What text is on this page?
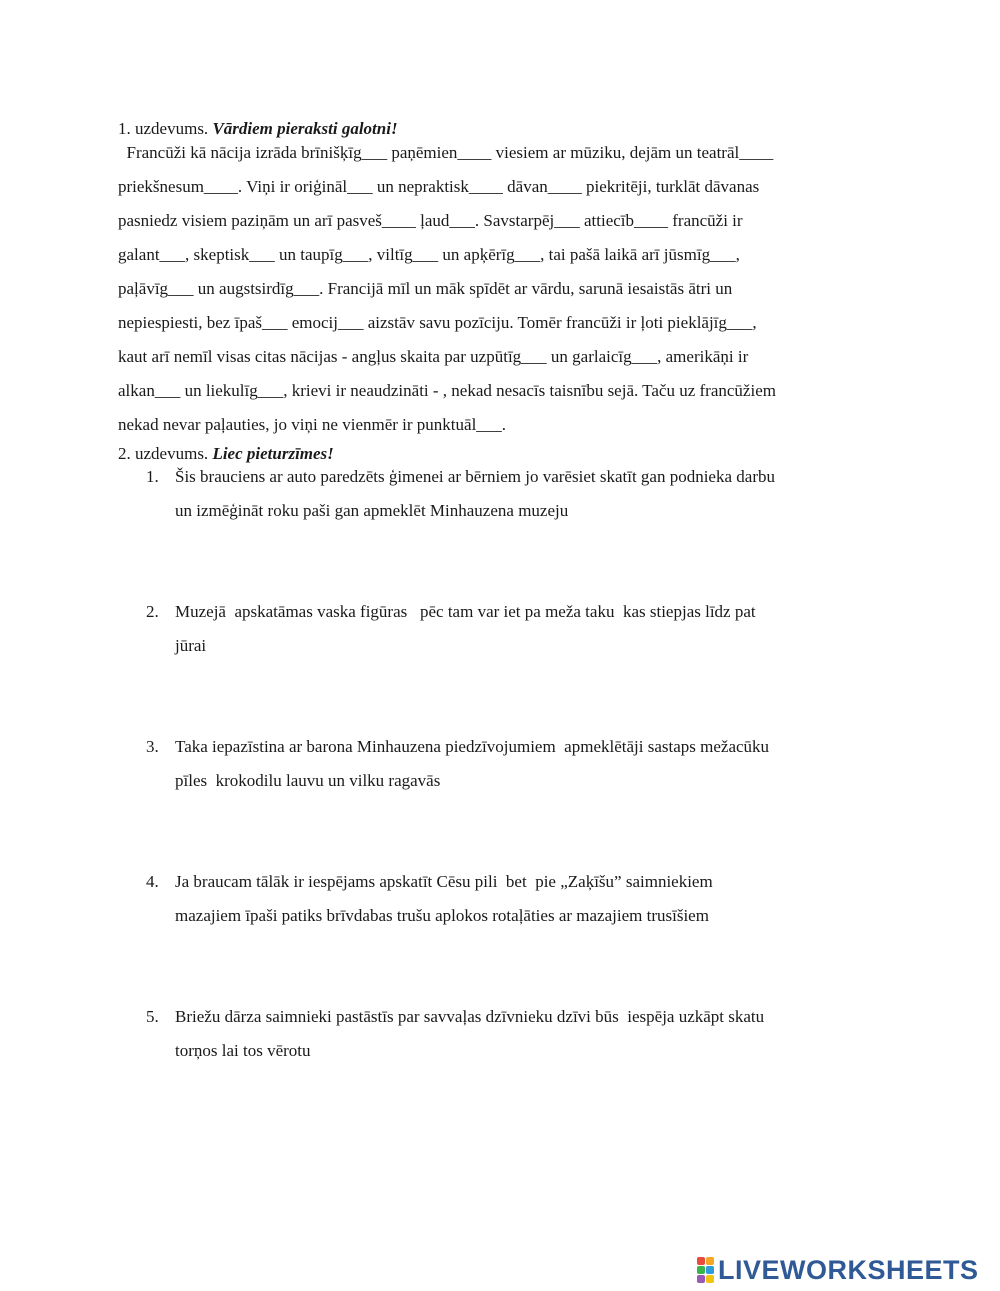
1. uzdevums. Vārdiem pieraksti galotni!
Francūži kā nācija izrāda brīnišķīg___ paņēmien____ viesiem ar mūziku, dejām un teatrāl____
priekšnesum____. Viņi ir oriģināl___ un nepraktisk____ dāvan____ piekritēji, turklāt dāvanas
pasniedz visiem paziņām un arī pasveš____ ļaud___. Savstarpēj___ attiecīb____ francūži ir
galant___, skeptisk___ un taupīg___, viltīg___ un apķērīg___, tai pašā laikā arī jūsmīg___,
paļāvīg___ un augstsirdīg___. Francijā mīl un māk spīdēt ar vārdu, sarunā iesaistās ātri un
nepiespiesti, bez īpaš___ emocij___ aizstāv savu pozīciju. Tomēr francūži ir ļoti pieklājīg___,
kaut arī nemīl visas citas nācijas - angļus skaita par uzpūtīg___ un garlaicīg___, amerikāņi ir
alkan___ un liekulīg___, krievi ir neaudzināti - , nekad nesacīs taisnību sejā. Taču uz francūžiem
nekad nevar paļauties, jo viņi ne vienmēr ir punktuāl___.
2. uzdevums. Liec pieturzīmes!
1. Šis brauciens ar auto paredzēts ģimenei ar bērniem jo varēsiet skatīt gan podnieka darbu
un izmēģināt roku paši gan apmeklēt Minhauzena muzeju
2. Muzejā  apskatāmas vaska figūras   pēc tam var iet pa meža taku  kas stiepjas līdz pat
jūrai
3. Taka iepazīstina ar barona Minhauzena piedzīvojumiem  apmeklētāji sastaps mežacūku
pīles  krokodilu lauvu un vilku ragavās
4. Ja braucam tālāk ir iespējams apskatīt Cēsu pili  bet  pie „Zaķīšu” saimniekiem
mazajiem īpaši patiks brīvdabas trušu aplokos rotaļāties ar mazajiem trusīšiem
5. Briežu dārza saimnieki pastāstīs par savvaļas dzīvnieku dzīvi būs  iespēja uzkāpt skatu
torņos lai tos vērotu
LIVEWORKSHEETS
